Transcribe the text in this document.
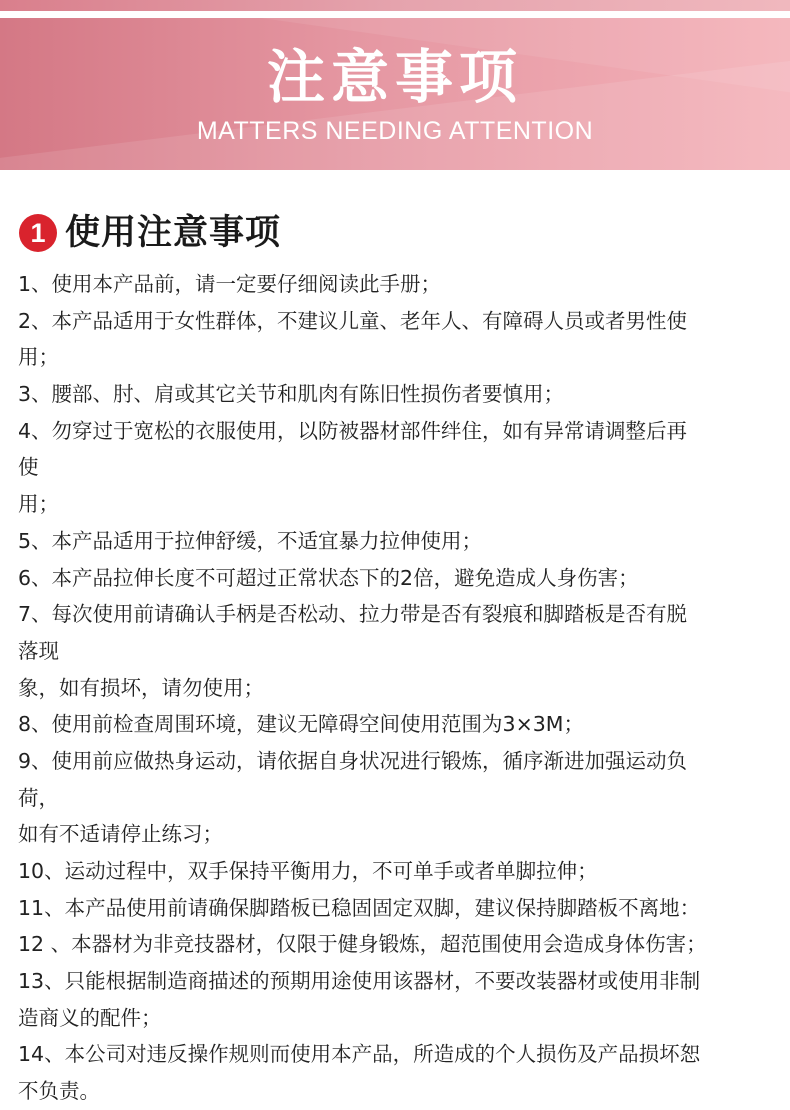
注意事项
MATTERS NEEDING ATTENTION
1 使用注意事项
1、使用本产品前，请一定要仔细阅读此手册；
2、本产品适用于女性群体，不建议儿童、老年人、有障碍人员或者男性使
用；
3、腰部、肘、肩或其它关节和肌肉有陈旧性损伤者要慎用；
4、勿穿过于宽松的衣服使用，以防被器材部件绊住，如有异常请调整后再
使
用；
5、本产品适用于拉伸舒缓，不适宜暴力拉伸使用；
6、本产品拉伸长度不可超过正常状态下的2倍，避免造成人身伤害；
7、每次使用前请确认手柄是否松动、拉力带是否有裂痕和脚踏板是否有脱
落现
象，如有损坏，请勿使用；
8、使用前检查周围环境，建议无障碍空间使用范围为3×3M；
9、使用前应做热身运动，请依据自身状况进行锻炼，循序渐进加强运动负
荷，
如有不适请停止练习；
10、运动过程中，双手保持平衡用力，不可单手或者单脚拉伸；
11、本产品使用前请确保脚踏板已稳固固定双脚，建议保持脚踏板不离地：
12 、本器材为非竞技器材，仅限于健身锻炼，超范围使用会造成身体伤害；
13、只能根据制造商描述的预期用途使用该器材，不要改装器材或使用非制
造商义的配件；
14、本公司对违反操作规则而使用本产品，所造成的个人损伤及产品损坏恕
不负责。
